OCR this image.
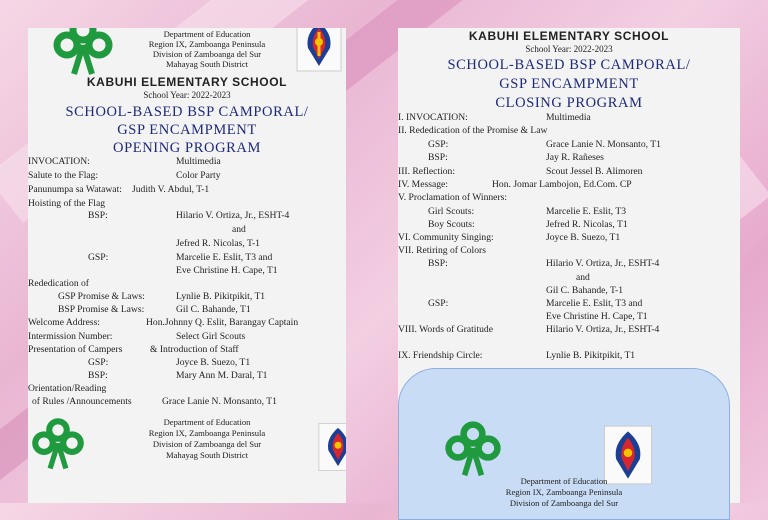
Department of Education
Region IX, Zamboanga Peninsula
Division of Zamboanga del Sur
Mahayag South District
KABUHI ELEMENTARY SCHOOL
School Year: 2022-2023
SCHOOL-BASED BSP CAMPORAL/
GSP ENCAMPMENT
OPENING PROGRAM
INVOCATION:	Multimedia
Salute to the Flag:	Color Party
Panunumpa sa Watawat: Judith V. Abdul, T-1
Hoisting of the Flag
BSP:	Hilario V. Ortiza, Jr., ESHT-4
and
Jefred R. Nicolas, T-1
GSP:	Marcelie E. Eslit, T3 and
Eve Christine H. Cape, T1
Rededication of
GSP Promise & Laws:	Lynlie B. Pikitpikit, T1
BSP Promise & Laws:	Gil C. Bahande, T1
Welcome Address:	Hon.Johnny Q. Eslit, Barangay Captain
Intermission Number:	Select Girl Scouts
Presentation of Campers	& Introduction of Staff
GSP:	Joyce B. Suezo, T1
BSP:	Mary Ann M. Daral, T1
Orientation/Reading
of Rules /Announcements	Grace Lanie N. Monsanto, T1
Department of Education
Region IX, Zamboanga Peninsula
Division of Zamboanga del Sur
Mahayag South District
KABUHI ELEMENTARY SCHOOL
School Year: 2022-2023
SCHOOL-BASED BSP CAMPORAL/
GSP ENCAMPMENT
CLOSING PROGRAM
I. INVOCATION:	Multimedia
II. Rededication of the Promise & Law
GSP:	Grace Lanie N. Monsanto, T1
BSP:	Jay R. Rañeses
III. Reflection:	Scout Jessel B. Alimoren
IV. Message:	Hon. Jomar Lambojon, Ed.Com. CP
V. Proclamation of Winners:
Girl Scouts:	Marcelie E. Eslit, T3
Boy Scouts:	Jefred R. Nicolas, T1
VI. Community Singing:	Joyce B. Suezo, T1
VII. Retiring of Colors
BSP:	Hilario V. Ortiza, Jr., ESHT-4
and
Gil C. Bahande, T-1
GSP:	Marcelie E. Eslit, T3 and
Eve Christine H. Cape, T1
VIII. Words of Gratitude	Hilario V. Ortiza, Jr., ESHT-4
IX. Friendship Circle:	Lynlie B. Pikitpikit, T1
Department of Education
Region IX, Zamboanga Peninsula
Division of Zamboanga del Sur
